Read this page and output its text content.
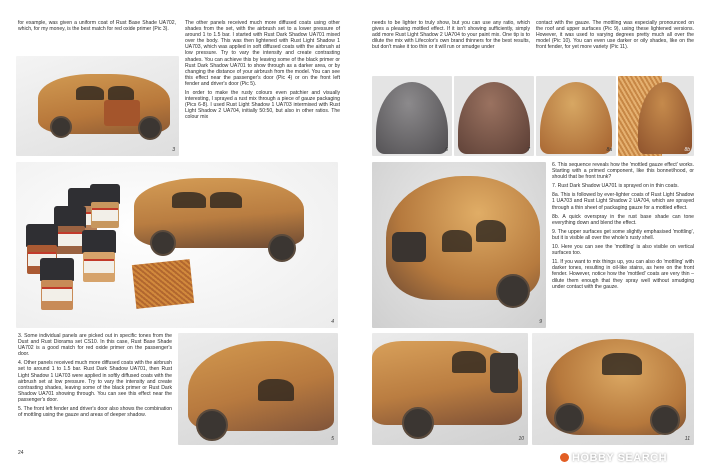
for example, was given a uniform coat of Rust Base Shade UA702, which, for my money, is the best match for red oxide primer (Pic 3).

3
4

3. Some individual panels are picked out in specific tones from the Dust and Rust Diorama set CS10. In this case, Rust Base Shade UA702 is a good match for red oxide primer on the passenger's door.

4. Other panels received much more diffused coats with the airbrush set to around 1 to 1.5 bar. Rust Dark Shadow UA701, then Rust Light Shadow 1 UA703 were applied in softly diffused coats with the airbrush set at low pressure. Try to vary the intensity and create contrasting shades, leaving some of the black primer or Rust Dark Shadow UA701 showing through. You can see this effect near the passenger's door.

5. The front left fender and driver's door also shows the combination of mottling using the gauze and areas of deeper shadow.

5
24

The other panels received much more diffused coats using other shades from the set, with the airbrush set to a lower pressure of around 1 to 1.5 bar. I started with Rust Dark Shadow UA701 mixed over the body. This was then lightened with Rust Light Shadow 1 UA703, which was applied in soft diffused coats with the airbrush at low pressure. Try to vary the intensity and create contrasting shades. You can achieve this by leaving some of the black primer or Rust Dark Shadow UA701 to show through as a darker area, or by changing the distance of your airbrush from the model. You can see this effect near the passenger's door (Pic 4) or on the front left fender and driver's door (Pic 5).

In order to make the rusty colours even patchier and visually interesting, I sprayed a rust mix through a piece of gauze packaging (Pics 6-8). I used Rust Light Shadow 1 UA703 intermixed with Rust Light Shadow 2 UA704, initially 50:50, but also in other ratios. The colour mix

needs to be lighter to truly show, but you can use any ratio, which gives a pleasing mottled effect. If it isn't showing sufficiently, simply add more Rust Light Shadow 2 UA704 to your paint mix. One tip is to dilute the mix with Lifecolor's own brand thinners for the best results, but don't make it too thin or it will run or smudge under

contact with the gauze. The mottling was especially pronounced on the roof and upper surfaces (Pic 9), using these lightened versions. However, it was used to varying degrees pretty much all over the model (Pic 10). You can even use darker or oily shades, like on the front fender, for yet more variety (Pic 11).

6	7	8a	8b
9

6. This sequence reveals how the 'mottled gauze effect' works. Starting with a primed component, like this bonnet/hood, or should that be front trunk?

7. Rust Dark Shadow UA701 is sprayed on in thin coats.

8a. This is followed by ever-lighter coats of Rust Light Shadow 1 UA703 and Rust Light Shadow 2 UA704, which are sprayed through a thin sheet of packaging gauze for a mottled effect.

8b. A quick overspray in the rust base shade can tone everything down and blend the effect.

9. The upper surfaces get some slightly emphasised 'mottling', but it is visible all over the whole's rusty shell.

10. Here you can see the 'mottling' is also visible on vertical surfaces too.

11. If you want to mix things up, you can also do 'mottling' with darker tones, resulting in oil-like stains, as here on the front fender. However, notice how the 'mottled' coats are very thin – dilute them enough that they spray well without smudging under contact with the gauze.

10	11
HOBBY SEARCH
